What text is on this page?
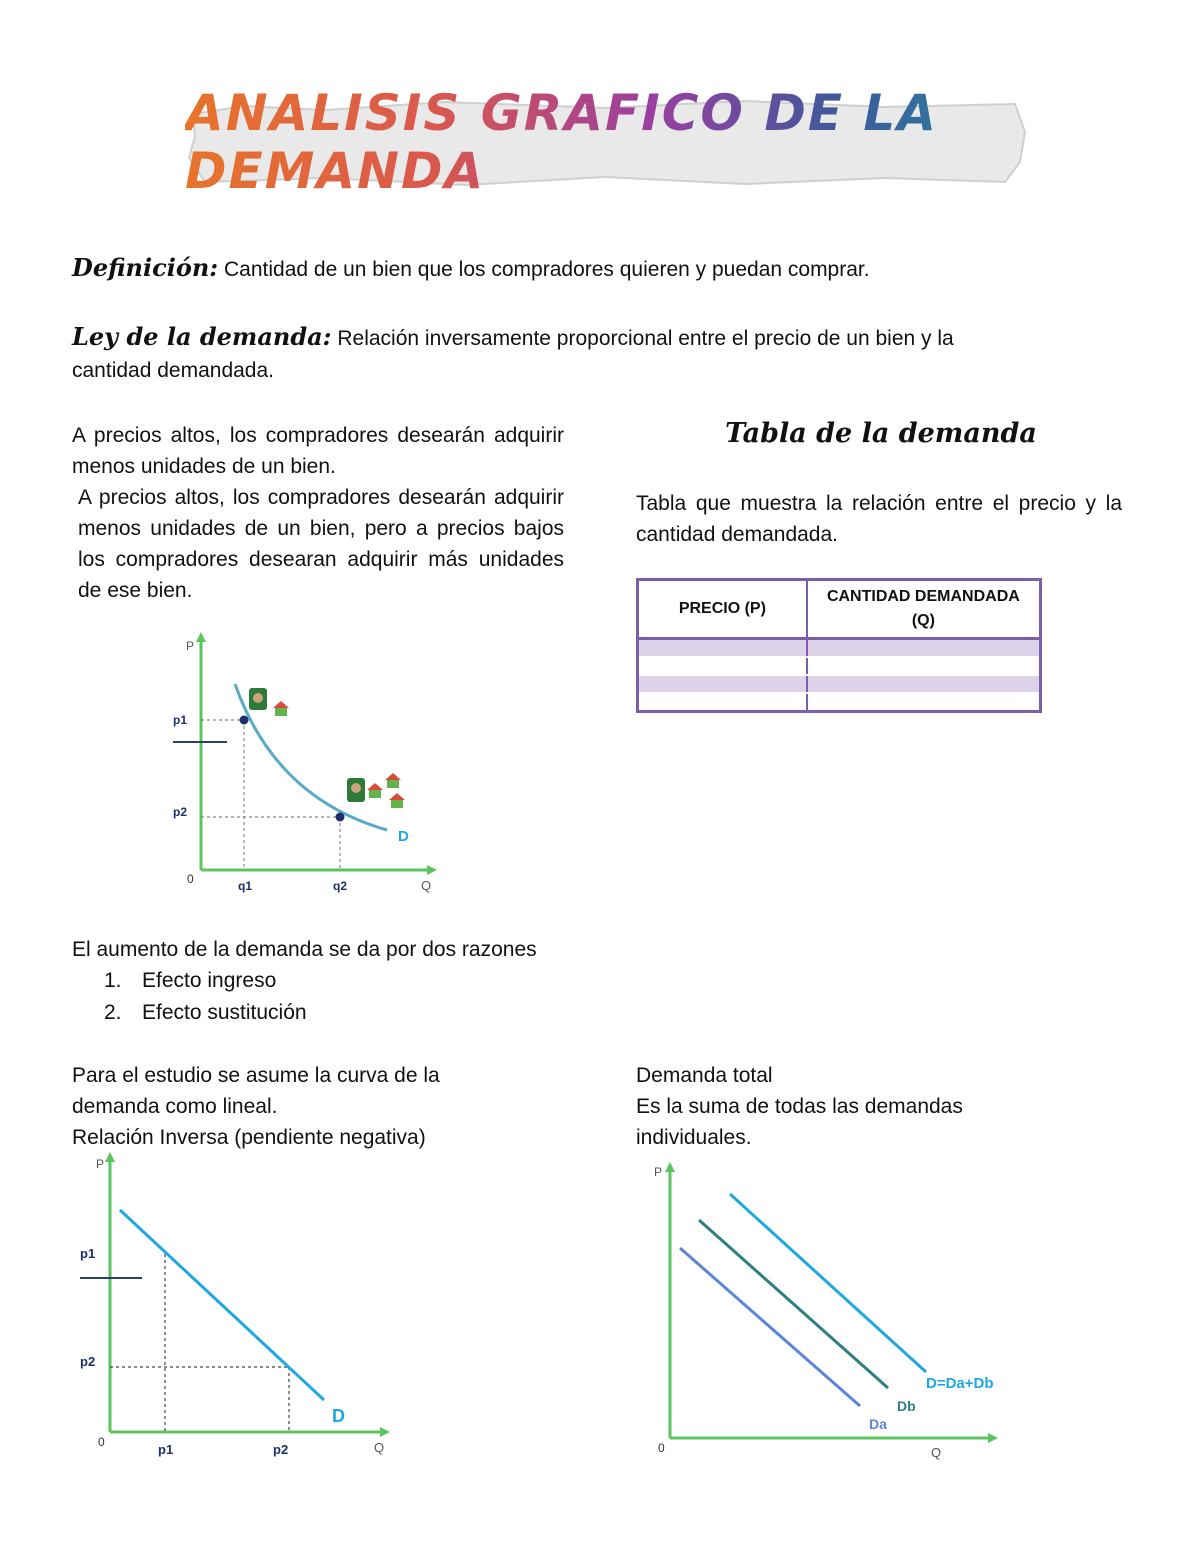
ANÁLISIS GRÁFICO DE LA DEMANDA
Definición: Cantidad de un bien que los compradores quieren y puedan comprar.
Ley de la demanda: Relación inversamente proporcional entre el precio de un bien y la
cantidad demandada.
A precios altos, los compradores desearán adquirir menos unidades de un bien.
A precios altos, los compradores desearán adquirir menos unidades de un bien, pero a precios bajos los compradores desearan adquirir más unidades de ese bien.
Tabla de la demanda
Tabla que muestra la relación entre el precio y la cantidad demandada.
PRECIO (P)	CANTIDAD DEMANDADA (Q)

P
Q
0
p1
p2
q1	q2
D
El aumento de la demanda se da por dos razones
1. Efecto ingreso
2. Efecto sustitución
Para el estudio se asume la curva de la
demanda como lineal.
Relación Inversa (pendiente negativa)
Demanda total
Es la suma de todas las demandas
individuales.
P
Q
0
p1
p2
p1	p2
D
P
Q
0
D=Da+Db
Db
Da
